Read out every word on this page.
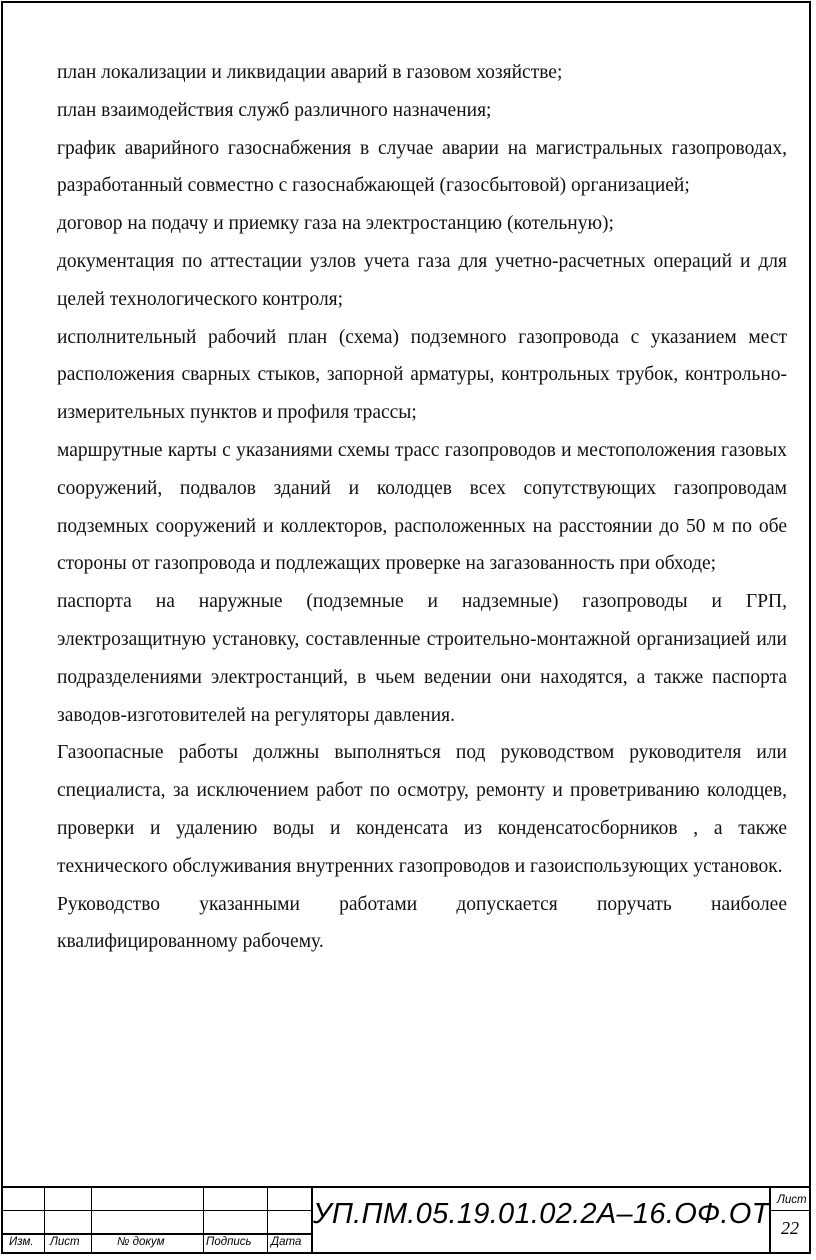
план локализации и ликвидации аварий в газовом хозяйстве;

план взаимодействия служб различного назначения;

график аварийного газоснабжения в случае аварии на магистральных газопроводах, разработанный совместно с газоснабжающей (газосбытовой) организацией;

договор на подачу и приемку газа на электростанцию (котельную);

документация по аттестации узлов учета газа для учетно-расчетных операций и для целей технологического контроля;

исполнительный рабочий план (схема) подземного газопровода с указанием мест расположения сварных стыков, запорной арматуры, контрольных трубок, контрольно-измерительных пунктов и профиля трассы;

маршрутные карты с указаниями схемы трасс газопроводов и местоположения газовых сооружений, подвалов зданий и колодцев всех сопутствующих газопроводам подземных сооружений и коллекторов, расположенных на расстоянии до 50 м по обе стороны от газопровода и подлежащих проверке на загазованность при обходе;

паспорта на наружные (подземные и надземные) газопроводы и ГРП, электрозащитную установку, составленные строительно-монтажной организацией или подразделениями электростанций, в чьем ведении они находятся, а также паспорта заводов-изготовителей на регуляторы давления.

Газоопасные работы должны выполняться под руководством руководителя или специалиста, за исключением работ по осмотру, ремонту и проветриванию колодцев, проверки и удалению воды и конденсата из конденсатосборников , а также технического обслуживания внутренних газопроводов и газоиспользующих установок.

Руководство указанными работами допускается поручать наиболее квалифицированному рабочему.

Изм. Лист	№ докум	Подпись Дата
УП.ПМ.05.19.01.02.2А–16.ОФ.ОТ Лист
22
